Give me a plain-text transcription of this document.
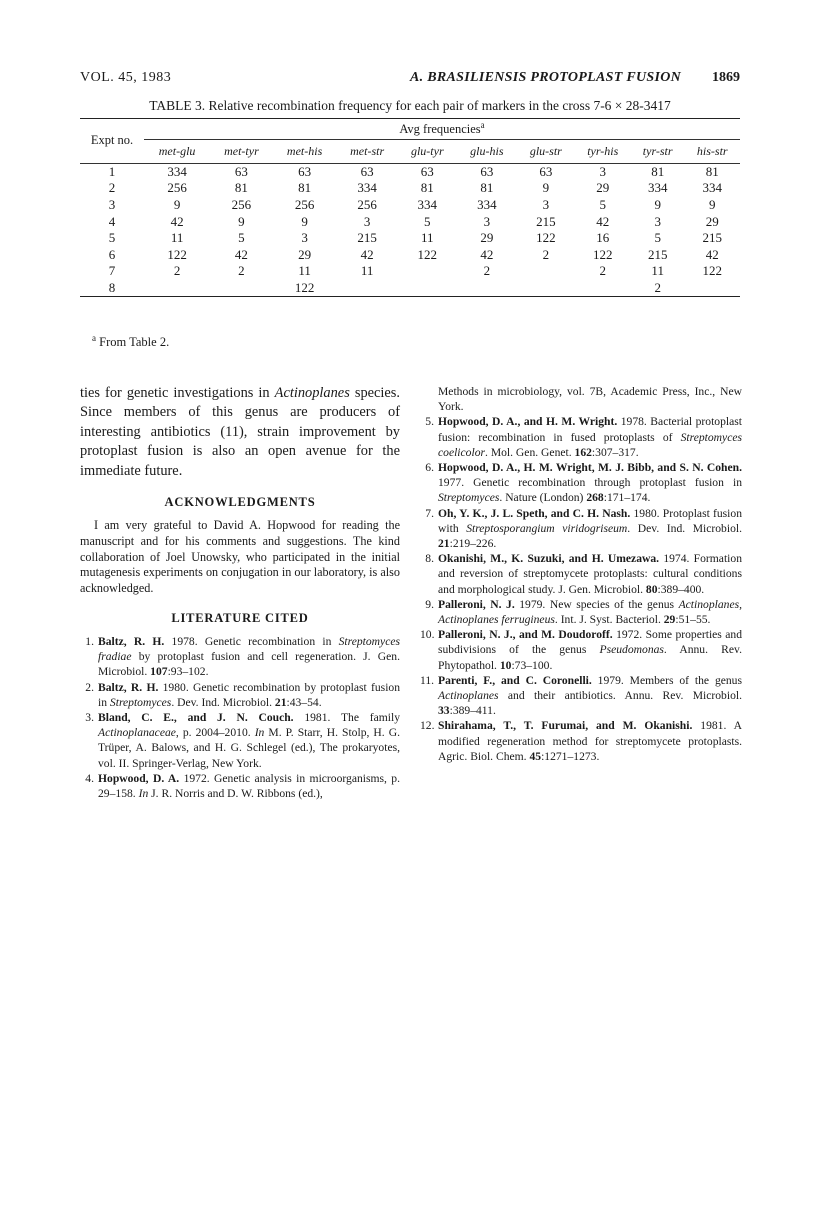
VOL. 45, 1983	A. BRASILIENSIS PROTOPLAST FUSION 1869
TABLE 3. Relative recombination frequency for each pair of markers in the cross 7-6 × 28-3417
Expt no.	Avg frequencies$^a$

	met-glu	met-tyr	met-his	met-str	glu-tyr	glu-his	glu-str	tyr-his	tyr-str	his-str
1	334	63	63	63	63	63	63	3	81	81
2	256	81	81	334	81	81	9	29	334	334
3	9	256	256	256	334	334	3	5	9	9
4	42	9	9	3	5	3	215	42	3	29
5	11	5	3	215	11	29	122	16	5	215
6	122	42	29	42	122	42	2	122	215	42
7	2	2	11	11		2		2	11	122
8			122						2	
$^a$ From Table 2.

ties for genetic investigations in Actinoplanes species. Since members of this genus are producers of interesting antibiotics (11), strain improvement by protoplast fusion is also an open avenue for the immediate future.

ACKNOWLEDGMENTS

I am very grateful to David A. Hopwood for reading the manuscript and for his comments and suggestions. The kind collaboration of Joel Unowsky, who participated in the initial mutagenesis experiments on conjugation in our laboratory, is also acknowledged.

LITERATURE CITED

1. Baltz, R. H. 1978. Genetic recombination in Streptomyces fradiae by protoplast fusion and cell regeneration. J. Gen. Microbiol. 107:93–102.

2. Baltz, R. H. 1980. Genetic recombination by protoplast fusion in Streptomyces. Dev. Ind. Microbiol. 21:43–54.

3. Bland, C. E., and J. N. Couch. 1981. The family Actinoplanaceae, p. 2004–2010. In M. P. Starr, H. Stolp, H. G. Trüper, A. Balows, and H. G. Schlegel (ed.), The prokaryotes, vol. II. Springer-Verlag, New York.

4. Hopwood, D. A. 1972. Genetic analysis in microorganisms, p. 29–158. In J. R. Norris and D. W. Ribbons (ed.),

Methods in microbiology, vol. 7B, Academic Press, Inc., New York.

5. Hopwood, D. A., and H. M. Wright. 1978. Bacterial protoplast fusion: recombination in fused protoplasts of Streptomyces coelicolor. Mol. Gen. Genet. 162:307–317.

6. Hopwood, D. A., H. M. Wright, M. J. Bibb, and S. N. Cohen. 1977. Genetic recombination through protoplast fusion in Streptomyces. Nature (London) 268:171–174.

7. Oh, Y. K., J. L. Speth, and C. H. Nash. 1980. Protoplast fusion with Streptosporangium viridogriseum. Dev. Ind. Microbiol. 21:219–226.

8. Okanishi, M., K. Suzuki, and H. Umezawa. 1974. Formation and reversion of streptomycete protoplasts: cultural conditions and morphological study. J. Gen. Microbiol. 80:389–400.

9. Palleroni, N. J. 1979. New species of the genus Actinoplanes, Actinoplanes ferrugineus. Int. J. Syst. Bacteriol. 29:51–55.

10. Palleroni, N. J., and M. Doudoroff. 1972. Some properties and subdivisions of the genus Pseudomonas. Annu. Rev. Phytopathol. 10:73–100.

11. Parenti, F., and C. Coronelli. 1979. Members of the genus Actinoplanes and their antibiotics. Annu. Rev. Microbiol. 33:389–411.

12. Shirahama, T., T. Furumai, and M. Okanishi. 1981. A modified regeneration method for streptomycete protoplasts. Agric. Biol. Chem. 45:1271–1273.
